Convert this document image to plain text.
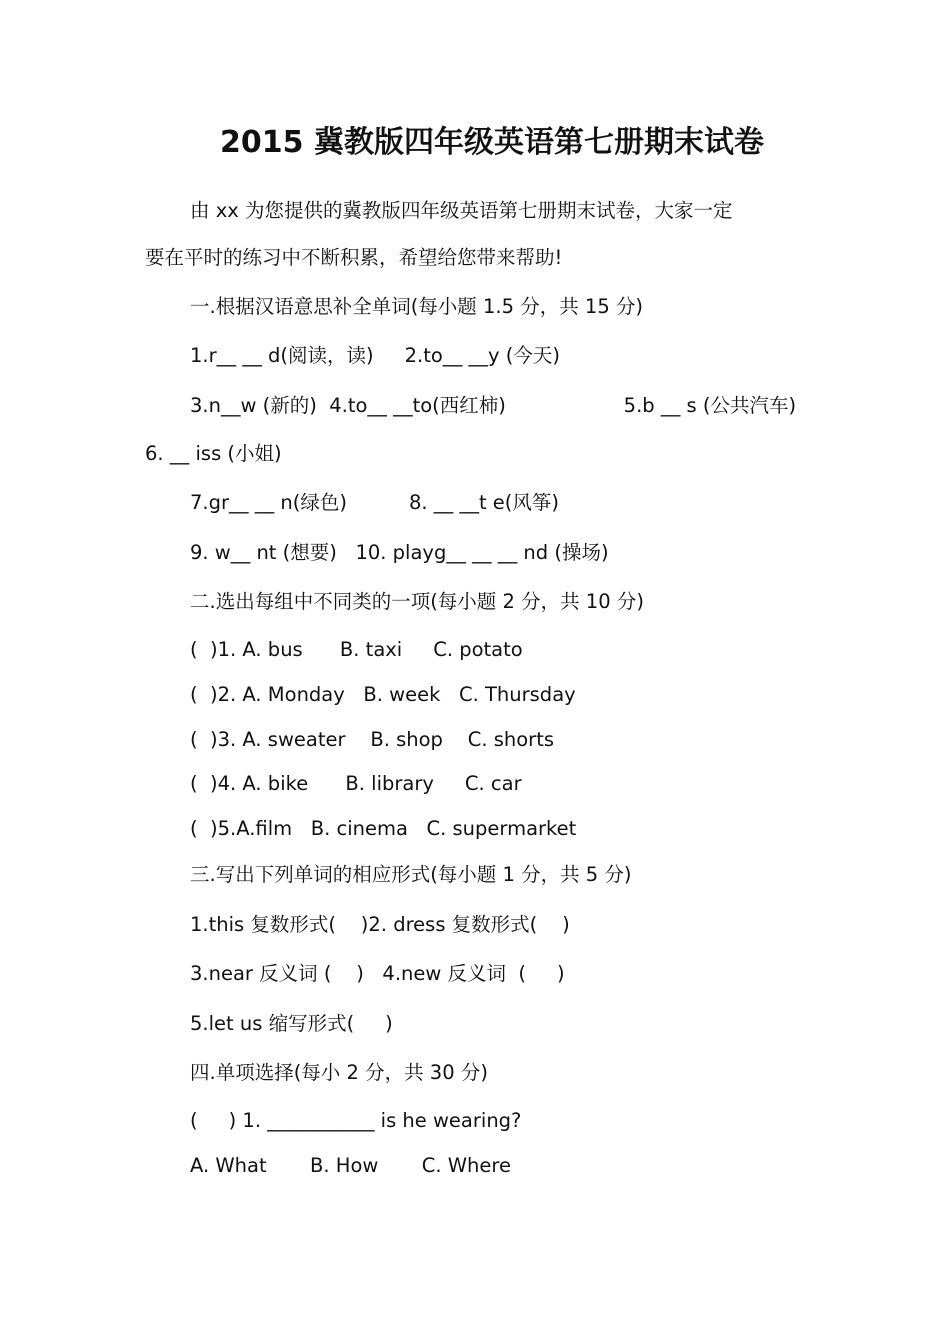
2015 冀教版四年级英语第七册期末试卷
由 xx 为您提供的冀教版四年级英语第七册期末试卷，大家一定
要在平时的练习中不断积累，希望给您带来帮助!
一.根据汉语意思补全单词(每小题 1.5 分，共 15 分)
1.r__ __ d(阅读，读)     2.to__ __y (今天)
3.n__w (新的)  4.to__ __to(西红柿)                   5.b __ s (公共汽车)
6. __ iss (小姐)
7.gr__ __ n(绿色)          8. __ __t e(风筝)
9. w__ nt (想要)   10. playg__ __ __ nd (操场)
二.选出每组中不同类的一项(每小题 2 分，共 10 分)
(  )1. A. bus      B. taxi     C. potato
(  )2. A. Monday   B. week   C. Thursday
(  )3. A. sweater    B. shop    C. shorts
(  )4. A. bike      B. library     C. car
(  )5.A.film   B. cinema   C. supermarket
三.写出下列单词的相应形式(每小题 1 分，共 5 分)
1.this 复数形式(    )2. dress 复数形式(    )
3.near 反义词 (    )   4.new 反义词  (     )
5.let us 缩写形式(     )
四.单项选择(每小 2 分，共 30 分)
(     ) 1. ___________ is he wearing?
A. What       B. How       C. Where
